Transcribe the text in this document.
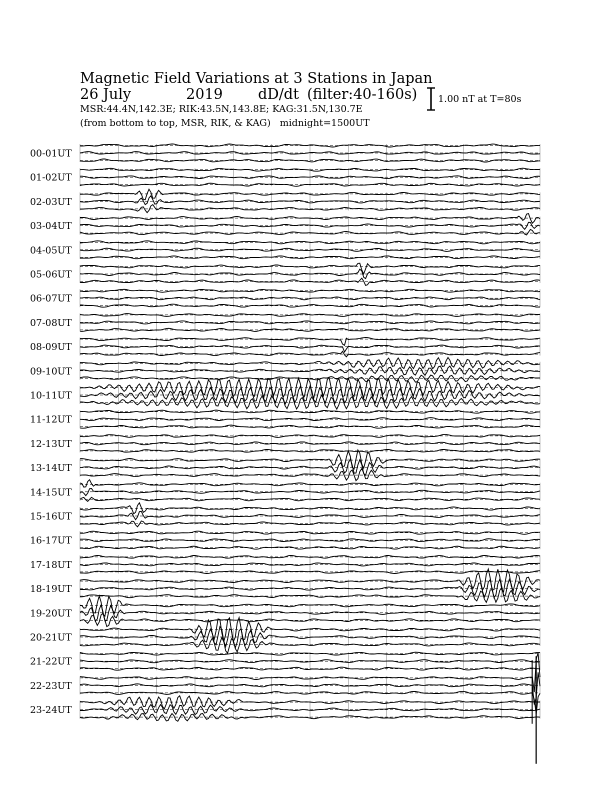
00-01UT
01-02UT
02-03UT
03-04UT
04-05UT
05-06UT
06-07UT
07-08UT
08-09UT
09-10UT
10-11UT
11-12UT
12-13UT
13-14UT
14-15UT
15-16UT
16-17UT
17-18UT
18-19UT
19-20UT
20-21UT
21-22UT
22-23UT
23-24UT
Magnetic Field Variations at 3 Stations in Japan
26 July	2019 dD/dt (filter:40-160s)
MSR:44.4N,142.3E; RIK:43.5N,143.8E; KAG:31.5N,130.7E
(from bottom to top, MSR, RIK, & KAG) midnight=1500UT
1.00 nT at T=80s
